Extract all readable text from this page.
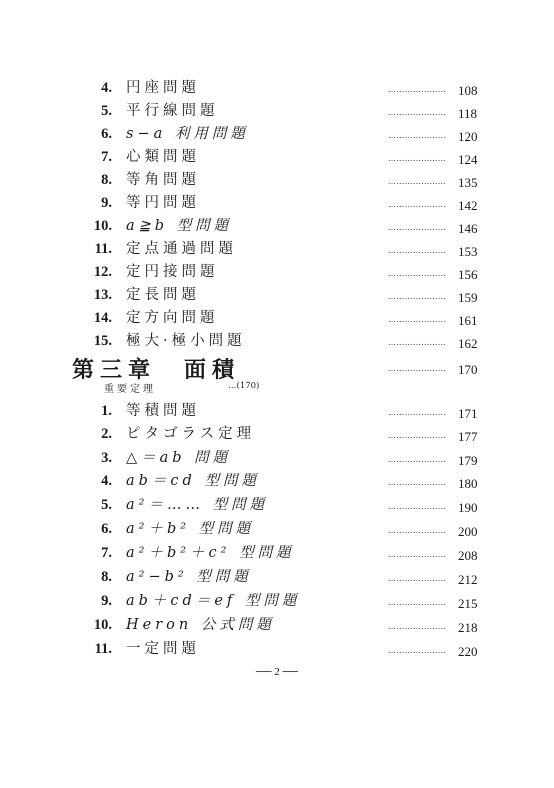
4. 円座問題	………………… 108
5. 平行線問題	………………… 118
6. s−a 利用問題	………………… 120
7. 心類問題	………………… 124
8. 等角問題	………………… 135
9. 等円問題	………………… 142
10. a≧b 型問題	………………… 146
11. 定点通過問題	………………… 153
12. 定円接問題	………………… 156
13. 定長問題	………………… 159
14. 定方向問題	………………… 161
15. 極大·極小問題	………………… 162
第三章　面積	………………… 170
重要定理	…(170)
1. 等積問題	………………… 171
2. ピタゴラス定理	………………… 177
3. △＝ab 問題	………………… 179
4. ab＝cd 型問題	………………… 180
5. a²＝…… 型問題	………………… 190
6. a²＋b² 型問題	………………… 200
7. a²＋b²＋c² 型問題	………………… 208
8. a²−b² 型問題	………………… 212
9. ab＋cd＝ef 型問題	………………… 215
10. Heron 公式問題	………………… 218
11. 一定問題	………………… 220
── 2 ──
